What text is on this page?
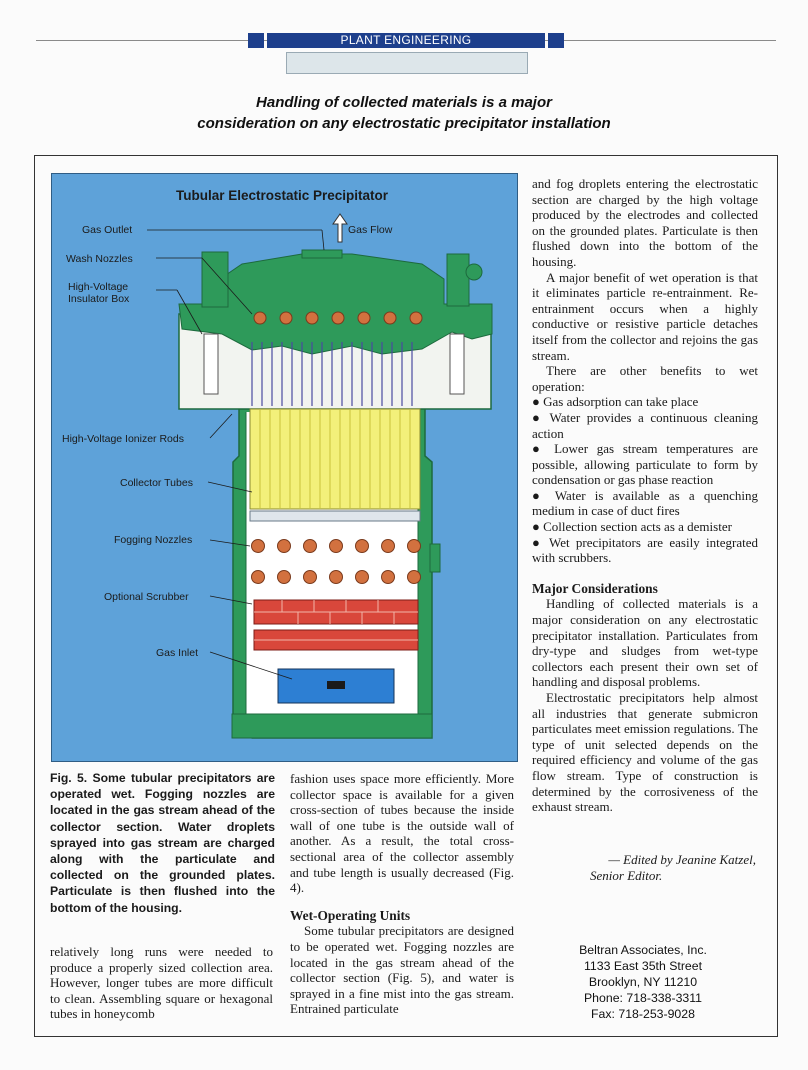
PLANT ENGINEERING
Handling of collected materials is a major
consideration on any electrostatic precipitator installation
Tubular Electrostatic Precipitator
Gas Outlet	Gas Flow
Wash Nozzles
High-Voltage
Insulator Box
High-Voltage Ionizer Rods
Collector Tubes
Fogging Nozzles
Optional Scrubber
Gas Inlet
Fig. 5. Some tubular precipitators are operated wet. Fogging nozzles are located in the gas stream ahead of the collector section. Water droplets sprayed into gas stream are charged along with the particulate and collected on the grounded plates. Particulate is then flushed into the bottom of the housing.

relatively long runs were needed to produce a properly sized collection area. However, longer tubes are more difficult to clean. Assembling square or hexagonal tubes in honeycomb

fashion uses space more efficiently. More collector space is available for a given cross-section of tubes because the inside wall of one tube is the outside wall of another. As a result, the total cross-sectional area of the collector assembly and tube length is usually decreased (Fig. 4).

Wet-Operating Units

Some tubular precipitators are designed to be operated wet. Fogging nozzles are located in the gas stream ahead of the collector section (Fig. 5), and water is sprayed in a fine mist into the gas stream. Entrained particulate

and fog droplets entering the electrostatic section are charged by the high voltage produced by the electrodes and collected on the grounded plates. Particulate is then flushed down into the bottom of the housing.

A major benefit of wet operation is that it eliminates particle re-entrainment. Re-entrainment occurs when a highly conductive or resistive particle detaches itself from the collector and rejoins the gas stream.

There are other benefits to wet operation:

● Gas adsorption can take place

● Water provides a continuous cleaning action

● Lower gas stream temperatures are possible, allowing particulate to form by condensation or gas phase reaction

● Water is available as a quenching medium in case of duct fires

● Collection section acts as a demister

● Wet precipitators are easily integrated with scrubbers.

Major Considerations

Handling of collected materials is a major consideration on any electrostatic precipitator installation. Particulates from dry-type and sludges from wet-type collectors each present their own set of handling and disposal problems.

Electrostatic precipitators help almost all industries that generate submicron particulates meet emission regulations. The type of unit selected depends on the required efficiency and volume of the gas flow stream. Type of construction is determined by the corrosiveness of the exhaust stream.

— Edited by Jeanine Katzel,
Senior Editor.
Beltran Associates, Inc.
1133 East 35th Street
Brooklyn, NY 11210
Phone: 718-338-3311
Fax: 718-253-9028
